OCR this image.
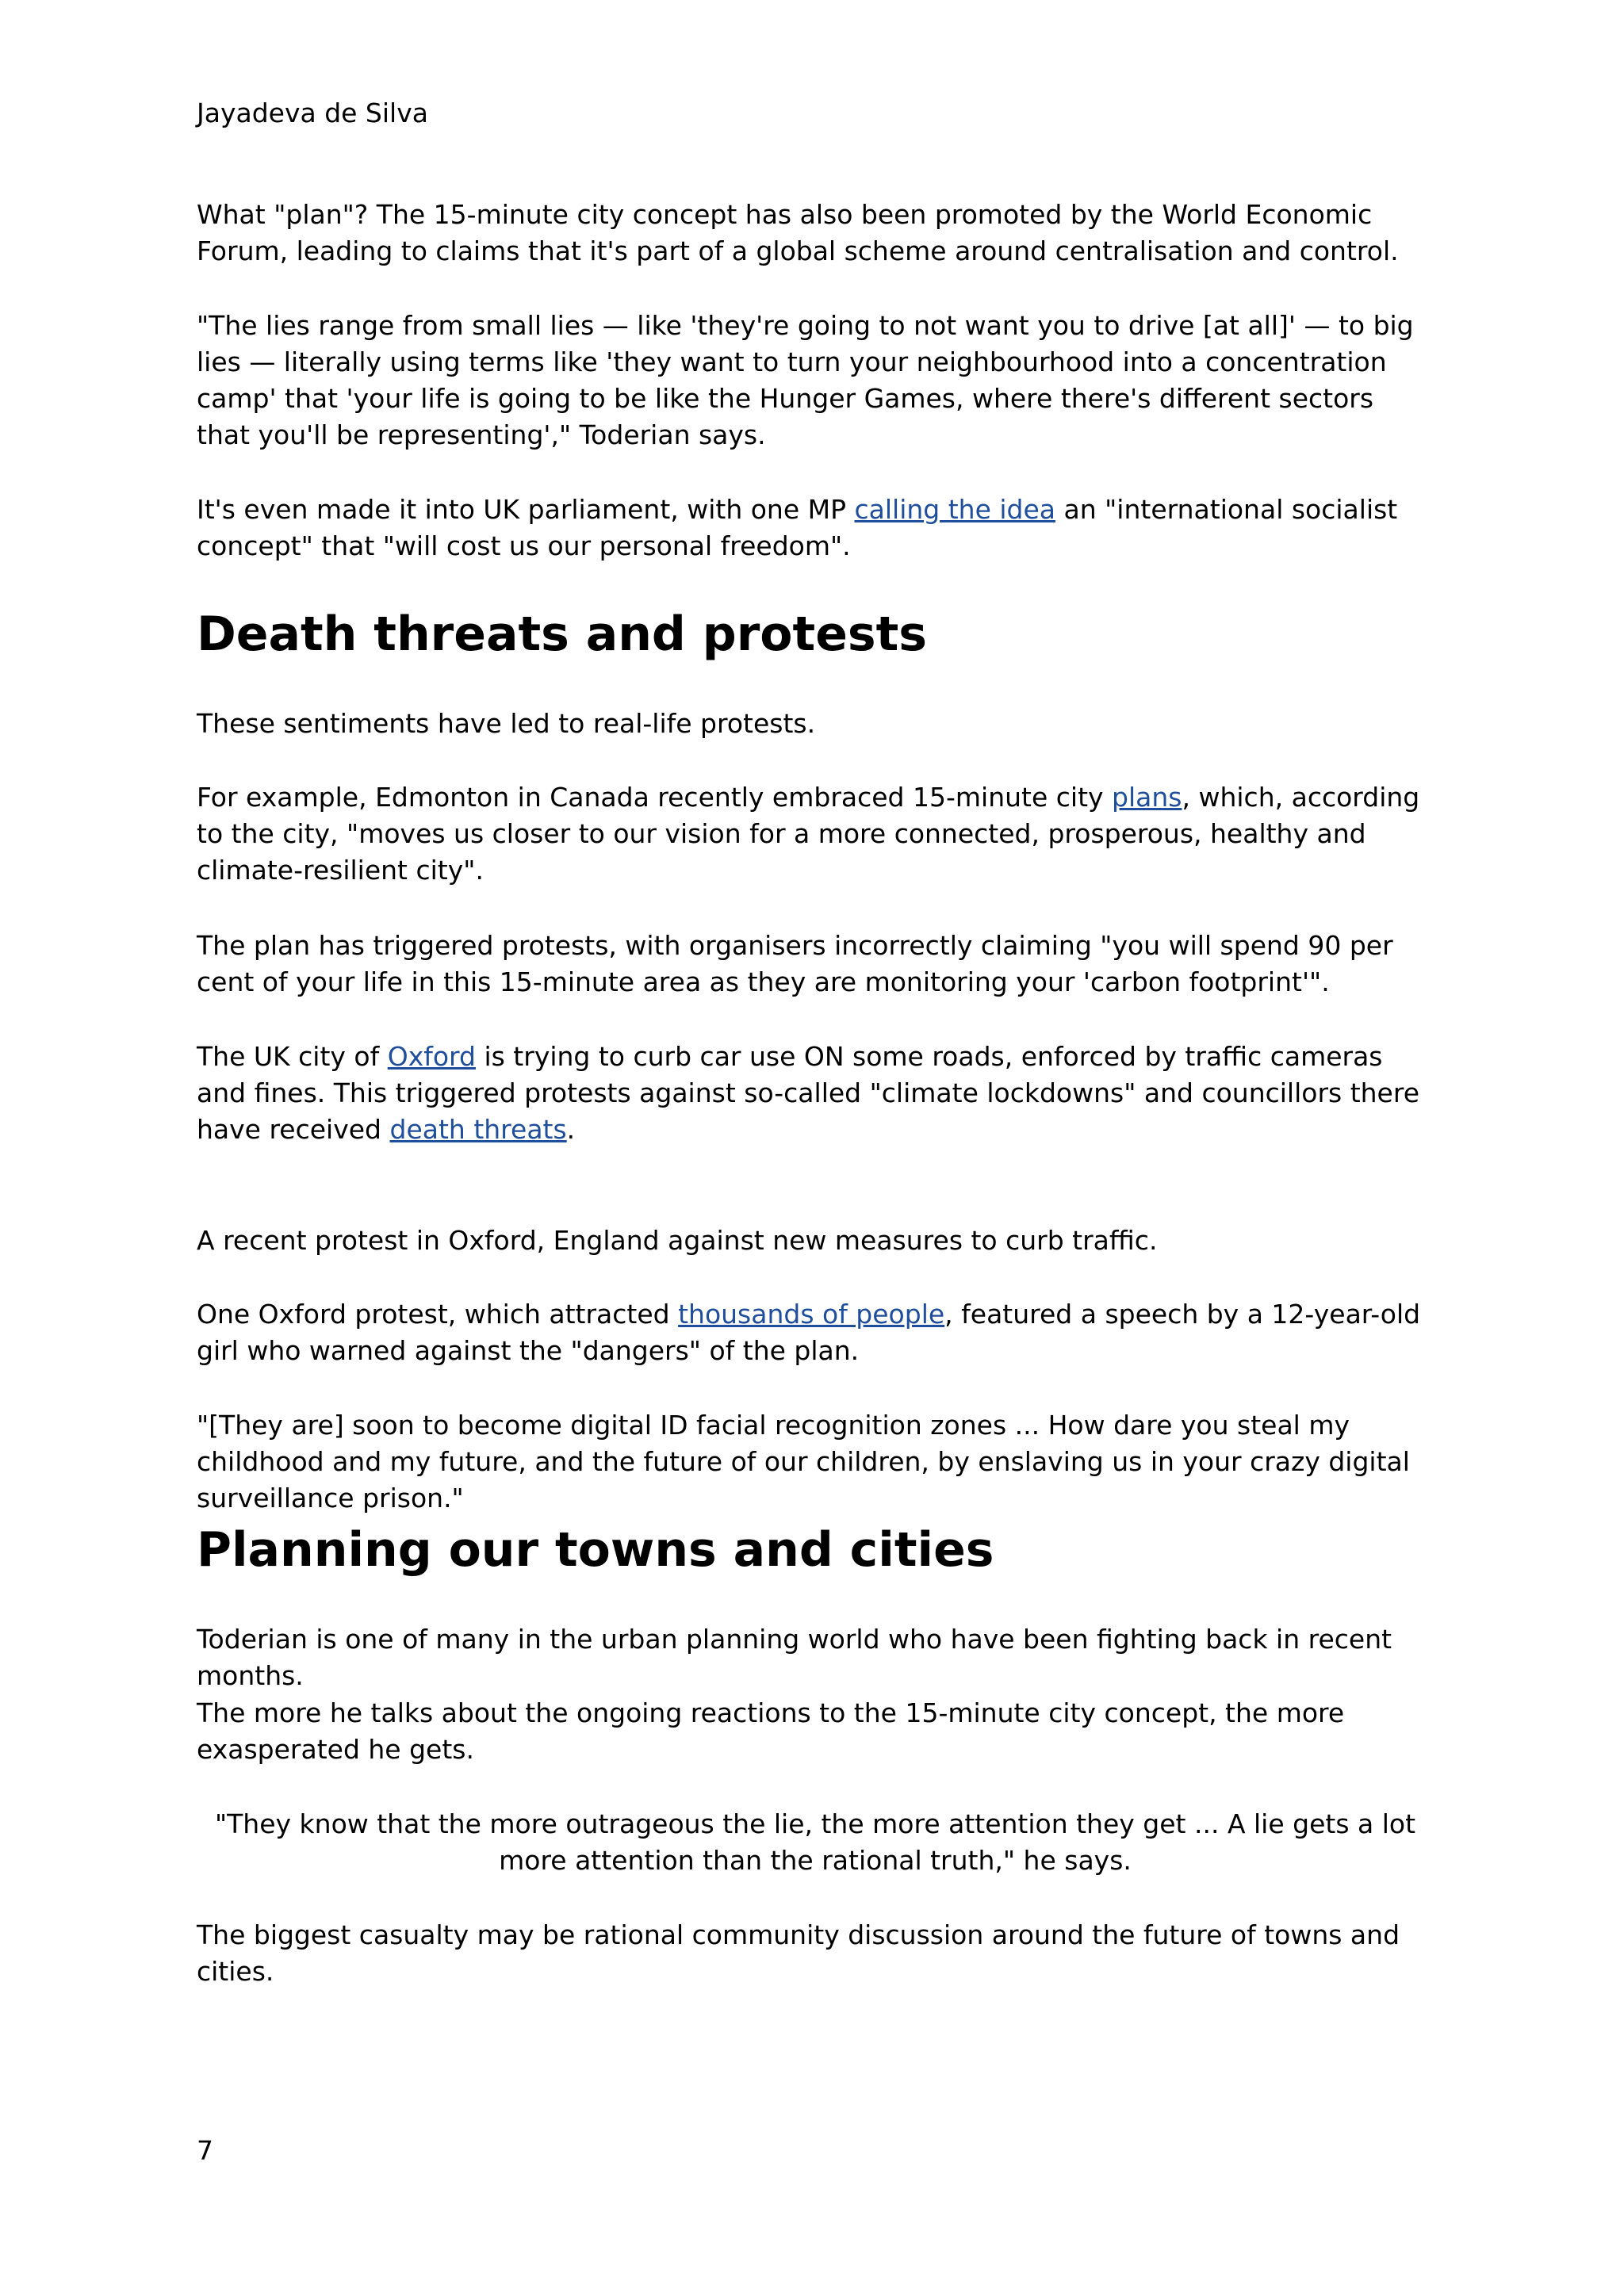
Jayadeva de Silva

What "plan"? The 15-minute city concept has also been promoted by the World Economic Forum, leading to claims that it's part of a global scheme around centralisation and control.

"The lies range from small lies — like 'they're going to not want you to drive [at all]' — to big lies — literally using terms like 'they want to turn your neighbourhood into a concentration camp' that 'your life is going to be like the Hunger Games, where there's different sectors that you'll be representing'," Toderian says.

It's even made it into UK parliament, with one MP calling the idea an "international socialist concept" that "will cost us our personal freedom".

Death threats and protests

These sentiments have led to real-life protests.

For example, Edmonton in Canada recently embraced 15-minute city plans, which, according to the city, "moves us closer to our vision for a more connected, prosperous, healthy and climate-resilient city".

The plan has triggered protests, with organisers incorrectly claiming "you will spend 90 per cent of your life in this 15-minute area as they are monitoring your 'carbon footprint'".

The UK city of Oxford is trying to curb car use ON some roads, enforced by traffic cameras and fines. This triggered protests against so-called "climate lockdowns" and councillors there have received death threats.

A recent protest in Oxford, England against new measures to curb traffic.

One Oxford protest, which attracted thousands of people, featured a speech by a 12-year-old girl who warned against the "dangers" of the plan.

"[They are] soon to become digital ID facial recognition zones ... How dare you steal my childhood and my future, and the future of our children, by enslaving us in your crazy digital surveillance prison."

Planning our towns and cities

Toderian is one of many in the urban planning world who have been fighting back in recent months.

The more he talks about the ongoing reactions to the 15-minute city concept, the more exasperated he gets.

"They know that the more outrageous the lie, the more attention they get ... A lie gets a lot more attention than the rational truth," he says.

The biggest casualty may be rational community discussion around the future of towns and cities.

7
